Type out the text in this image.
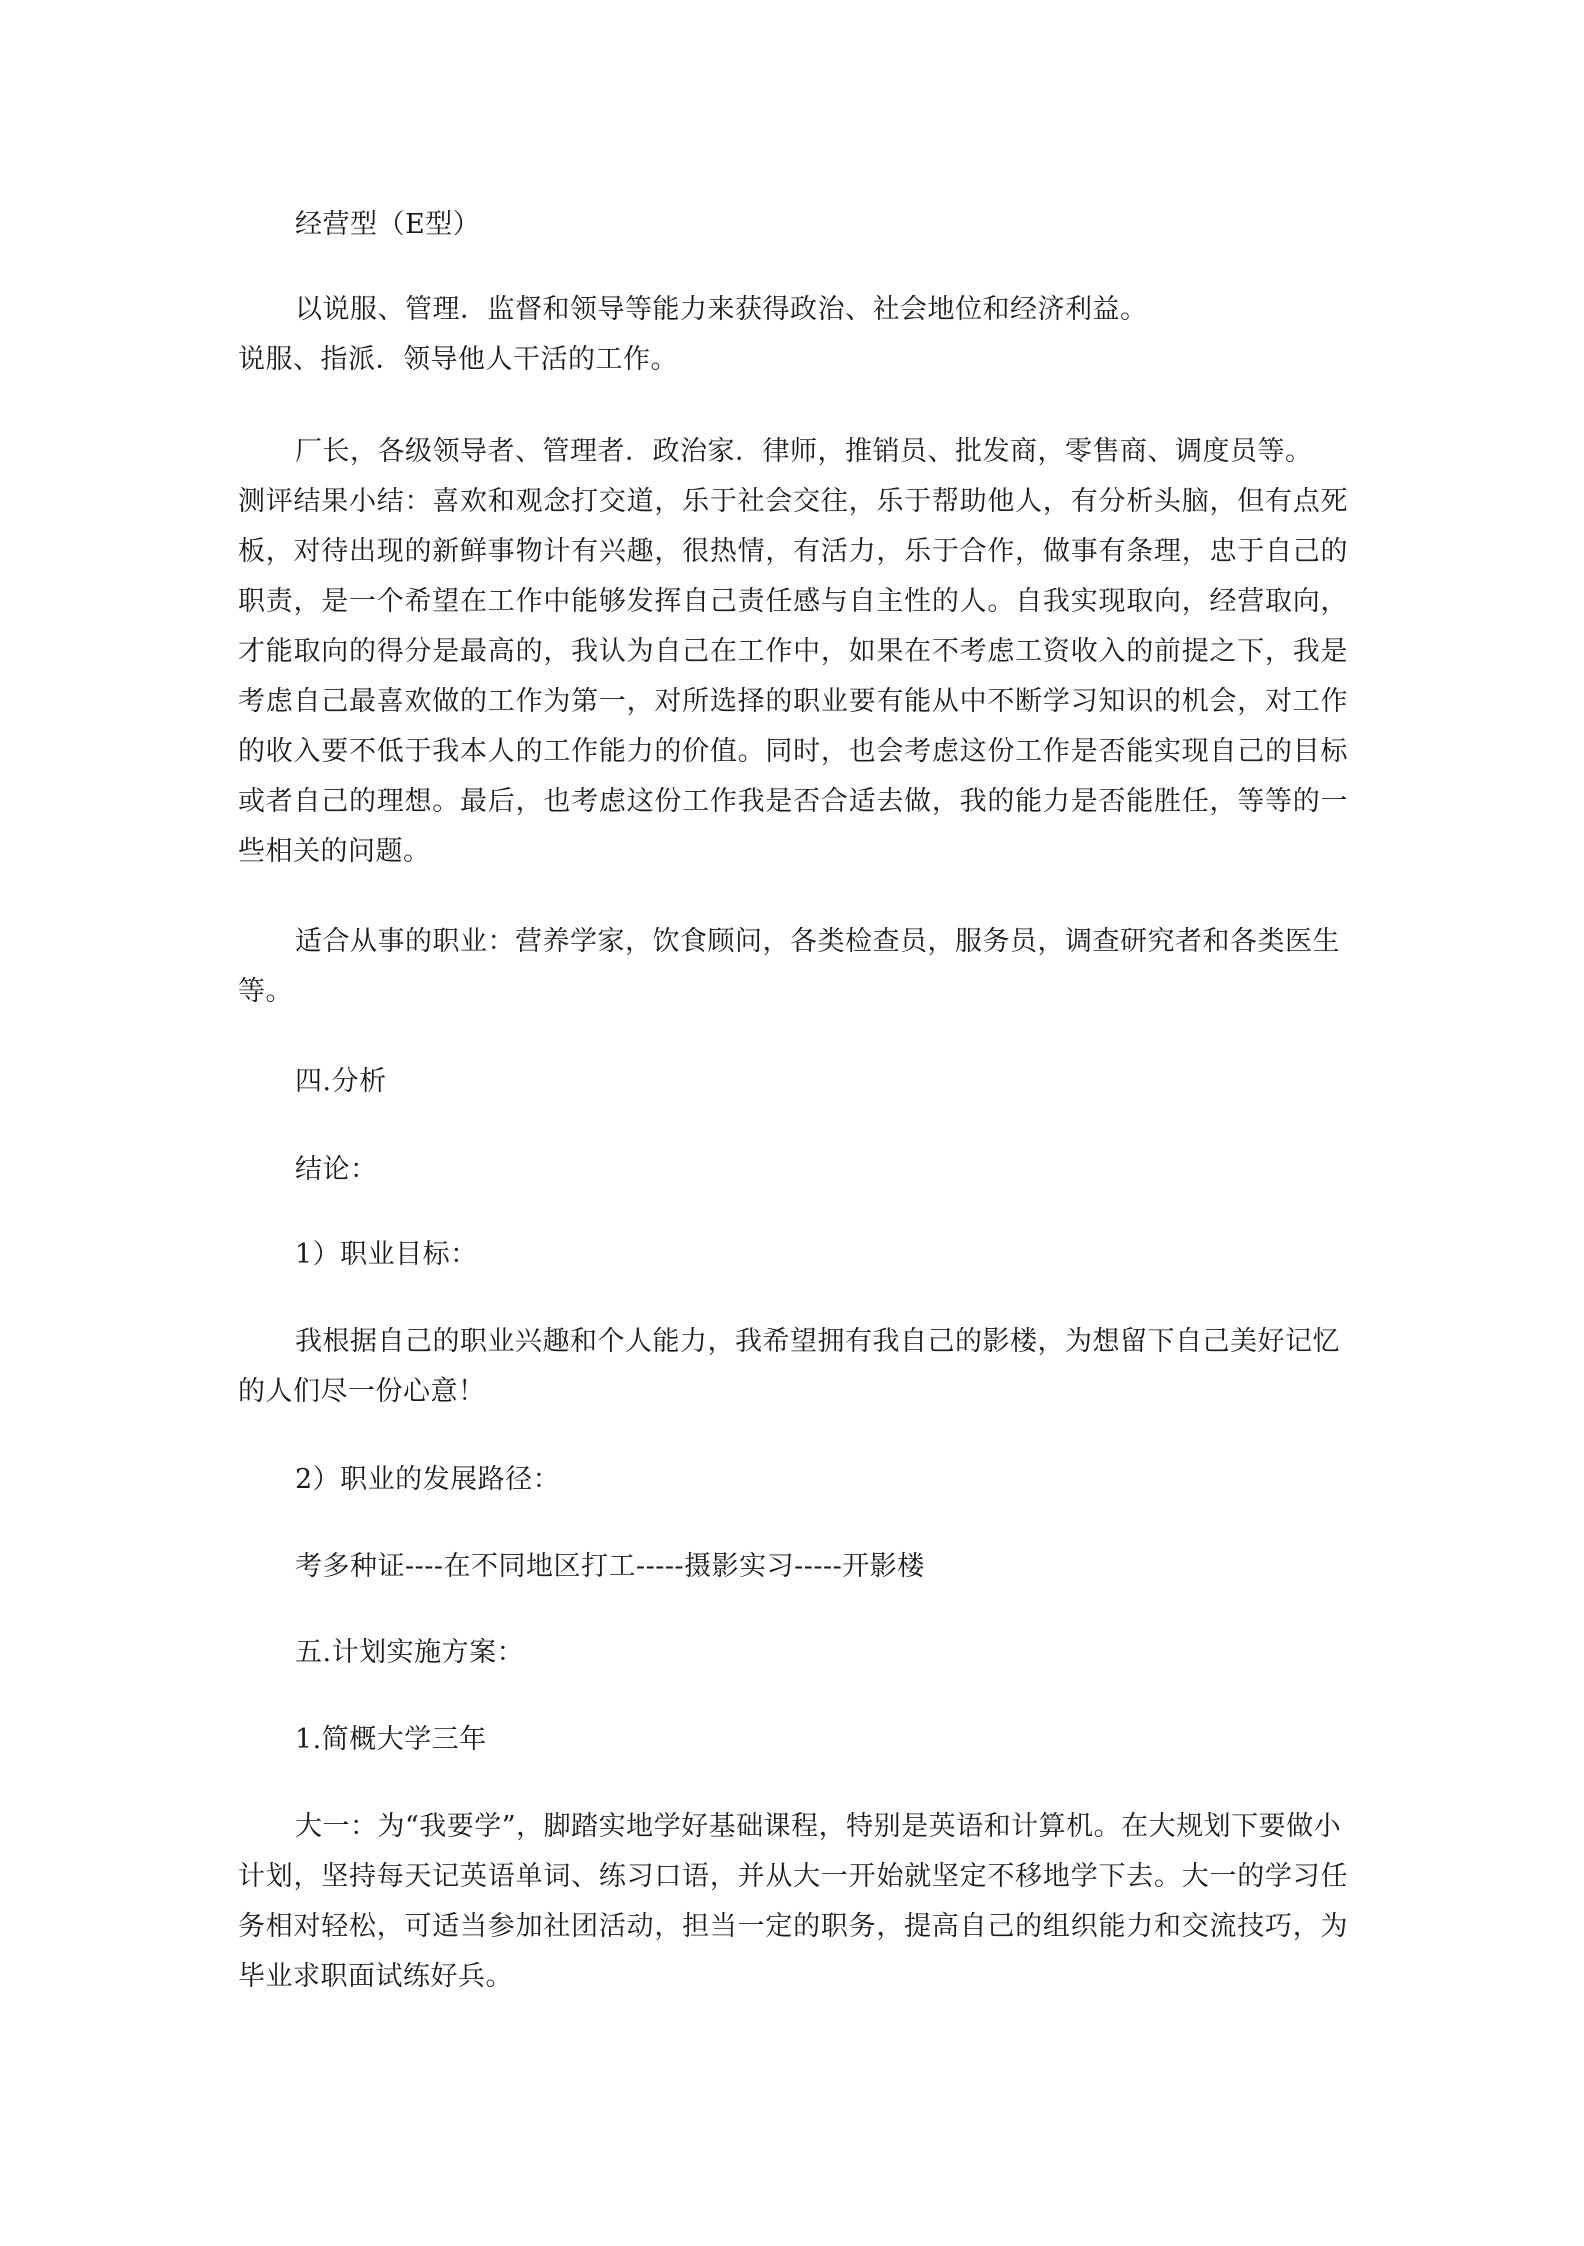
经营型（E型）
以说服、管理．监督和领导等能力来获得政治、社会地位和经济利益。
说服、指派．领导他人干活的工作。
厂长，各级领导者、管理者．政治家．律师，推销员、批发商，零售商、调度员等。
测评结果小结：喜欢和观念打交道，乐于社会交往，乐于帮助他人，有分析头脑，但有点死
板，对待出现的新鲜事物计有兴趣，很热情，有活力，乐于合作，做事有条理，忠于自己的
职责，是一个希望在工作中能够发挥自己责任感与自主性的人。自我实现取向，经营取向，
才能取向的得分是最高的，我认为自己在工作中，如果在不考虑工资收入的前提之下，我是
考虑自己最喜欢做的工作为第一，对所选择的职业要有能从中不断学习知识的机会，对工作
的收入要不低于我本人的工作能力的价值。同时，也会考虑这份工作是否能实现自己的目标
或者自己的理想。最后，也考虑这份工作我是否合适去做，我的能力是否能胜任，等等的一
些相关的问题。
适合从事的职业：营养学家，饮食顾问，各类检查员，服务员，调查研究者和各类医生
等。
四.分析
结论：
1）职业目标：
我根据自己的职业兴趣和个人能力，我希望拥有我自己的影楼，为想留下自己美好记忆
的人们尽一份心意！
2）职业的发展路径：
考多种证----在不同地区打工-----摄影实习-----开影楼
五.计划实施方案：
1.简概大学三年
大一：为“我要学”，脚踏实地学好基础课程，特别是英语和计算机。在大规划下要做小
计划，坚持每天记英语单词、练习口语，并从大一开始就坚定不移地学下去。大一的学习任
务相对轻松，可适当参加社团活动，担当一定的职务，提高自己的组织能力和交流技巧，为
毕业求职面试练好兵。
